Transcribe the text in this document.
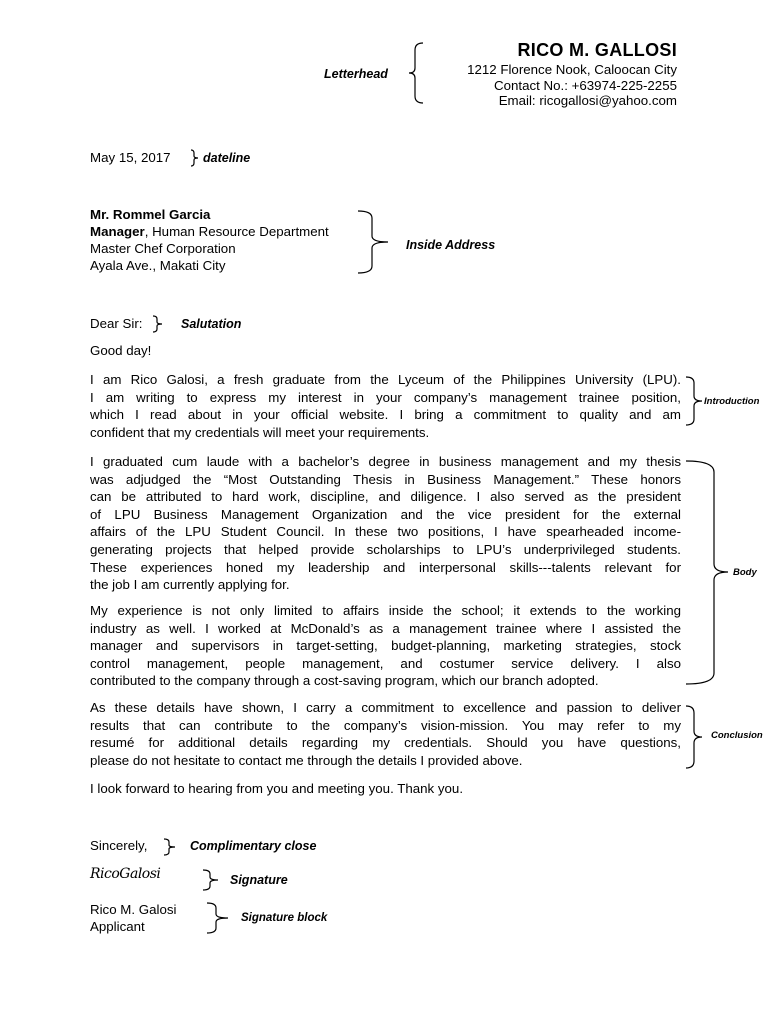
RICO M. GALLOSI
1212 Florence Nook, Caloocan City
Contact No.: +63974-225-2255
Email: ricogallosi@yahoo.com
Letterhead
May 15, 2017	dateline
Mr. Rommel Garcia
Manager, Human Resource Department
Master Chef Corporation
Ayala Ave., Makati City
Inside Address
Dear Sir:	Salutation
Good day!
I am Rico Galosi, a fresh graduate from the Lyceum of the Philippines University (LPU).
I am writing to express my interest in your company’s management trainee position,
which I read about in your official website. I bring a commitment to quality and am
confident that my credentials will meet your requirements.
Introduction
I graduated cum laude with a bachelor’s degree in business management and my thesis
was adjudged the “Most Outstanding Thesis in Business Management.” These honors
can be attributed to hard work, discipline, and diligence. I also served as the president
of LPU Business Management Organization and the vice president for the external
affairs of the LPU Student Council. In these two positions, I have spearheaded income-
generating projects that helped provide scholarships to LPU’s underprivileged students.
These experiences honed my leadership and interpersonal skills---talents relevant for
the job I am currently applying for.
My experience is not only limited to affairs inside the school; it extends to the working
industry as well. I worked at McDonald’s as a management trainee where I assisted the
manager and supervisors in target-setting, budget-planning, marketing strategies, stock
control management, people management, and costumer service delivery. I also
contributed to the company through a cost-saving program, which our branch adopted.
Body
As these details have shown, I carry a commitment to excellence and passion to deliver
results that can contribute to the company’s vision-mission. You may refer to my
resumé for additional details regarding my credentials. Should you have questions,
please do not hesitate to contact me through the details I provided above.
Conclusion
I look forward to hearing from you and meeting you. Thank you.
Sincerely,	Complimentary close
RicoGalosi	Signature
Rico M. Galosi
Applicant
Signature block
